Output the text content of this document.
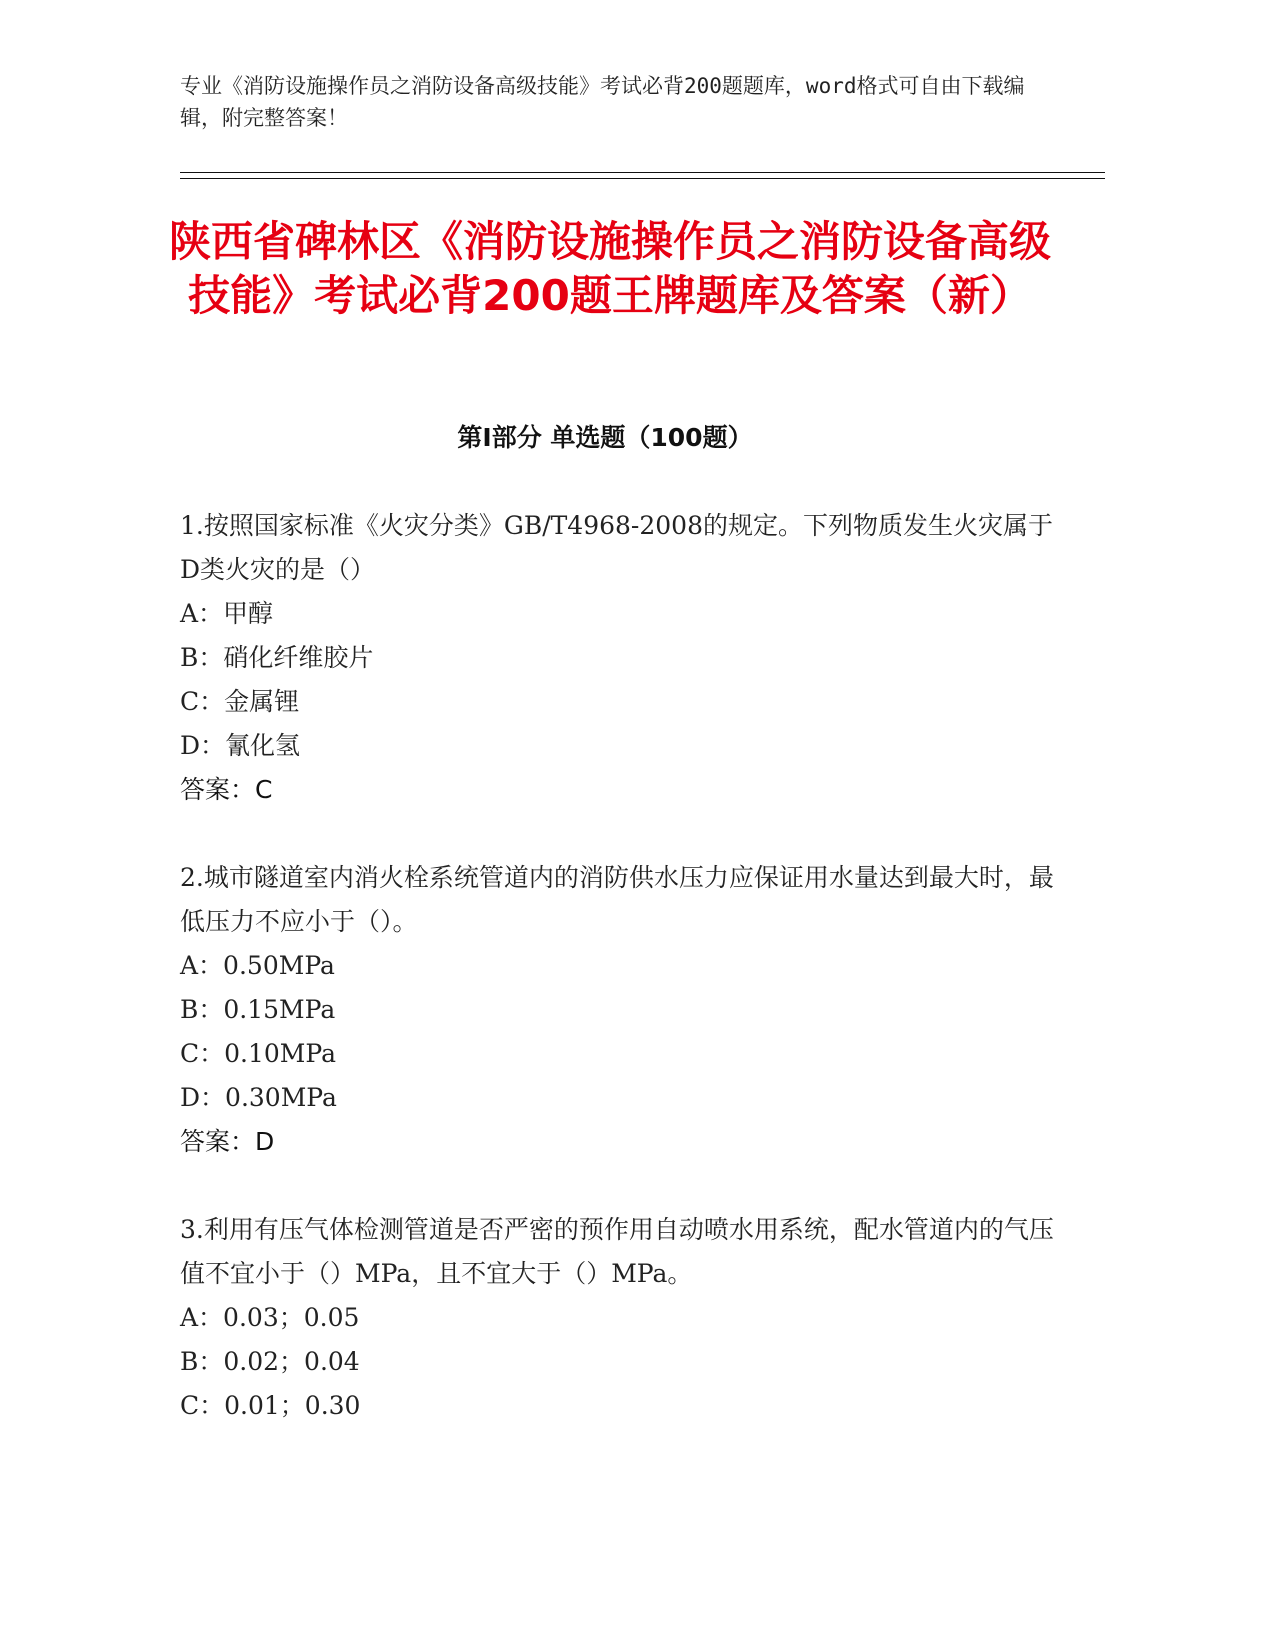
专业《消防设施操作员之消防设备高级技能》考试必背200题题库，word格式可自由下载编辑，附完整答案！
陕西省碑林区《消防设施操作员之消防设备高级技能》考试必背200题王牌题库及答案（新）
第I部分 单选题（100题）
1.按照国家标准《火灾分类》GB/T4968-2008的规定。下列物质发生火灾属于D类火灾的是（）
A：甲醇
B：硝化纤维胶片
C：金属锂
D：氰化氢
答案：C
2.城市隧道室内消火栓系统管道内的消防供水压力应保证用水量达到最大时，最低压力不应小于（）。
A：0.50MPa
B：0.15MPa
C：0.10MPa
D：0.30MPa
答案：D
3.利用有压气体检测管道是否严密的预作用自动喷水用系统，配水管道内的气压值不宜小于（）MPa，且不宜大于（）MPa。
A：0.03；0.05
B：0.02；0.04
C：0.01；0.30
